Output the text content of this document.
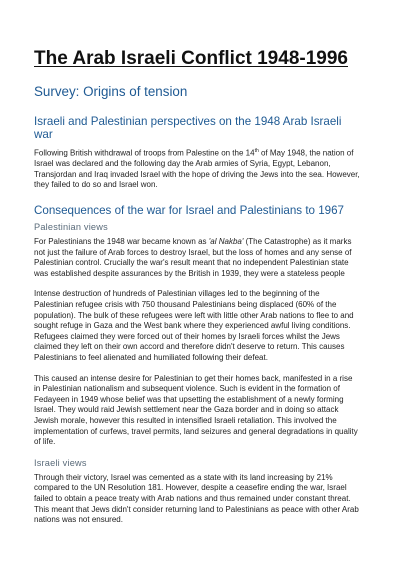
The Arab Israeli Conflict 1948-1996
Survey: Origins of tension
Israeli and Palestinian perspectives on the 1948 Arab Israeli war

Following British withdrawal of troops from Palestine on the 14th of May 1948, the nation of Israel was declared and the following day the Arab armies of Syria, Egypt, Lebanon, Transjordan and Iraq invaded Israel with the hope of driving the Jews into the sea. However, they failed to do so and Israel won.

Consequences of the war for Israel and Palestinians to 1967
Palestinian views

For Palestinians the 1948 war became known as 'al Nakba' (The Catastrophe) as it marks not just the failure of Arab forces to destroy Israel, but the loss of homes and any sense of Palestinian control. Crucially the war's result meant that no independent Palestinian state was established despite assurances by the British in 1939, they were a stateless people

Intense destruction of hundreds of Palestinian villages led to the beginning of the Palestinian refugee crisis with 750 thousand Palestinians being displaced (60% of the population). The bulk of these refugees were left with little other Arab nations to flee to and sought refuge in Gaza and the West bank where they experienced awful living conditions. Refugees claimed they were forced out of their homes by Israeli forces whilst the Jews claimed they left on their own accord and therefore didn't deserve to return. This causes Palestinians to feel alienated and humiliated following their defeat.

This caused an intense desire for Palestinian to get their homes back, manifested in a rise in Palestinian nationalism and subsequent violence. Such is evident in the formation of Fedayeen in 1949 whose belief was that upsetting the establishment of a newly forming Israel. They would raid Jewish settlement near the Gaza border and in doing so attack Jewish morale, however this resulted in intensified Israeli retaliation. This involved the implementation of curfews, travel permits, land seizures and general degradations in quality of life.

Israeli views

Through their victory, Israel was cemented as a state with its land increasing by 21% compared to the UN Resolution 181. However, despite a ceasefire ending the war, Israel failed to obtain a peace treaty with Arab nations and thus remained under constant threat. This meant that Jews didn't consider returning land to Palestinians as peace with other Arab nations was not ensured.
